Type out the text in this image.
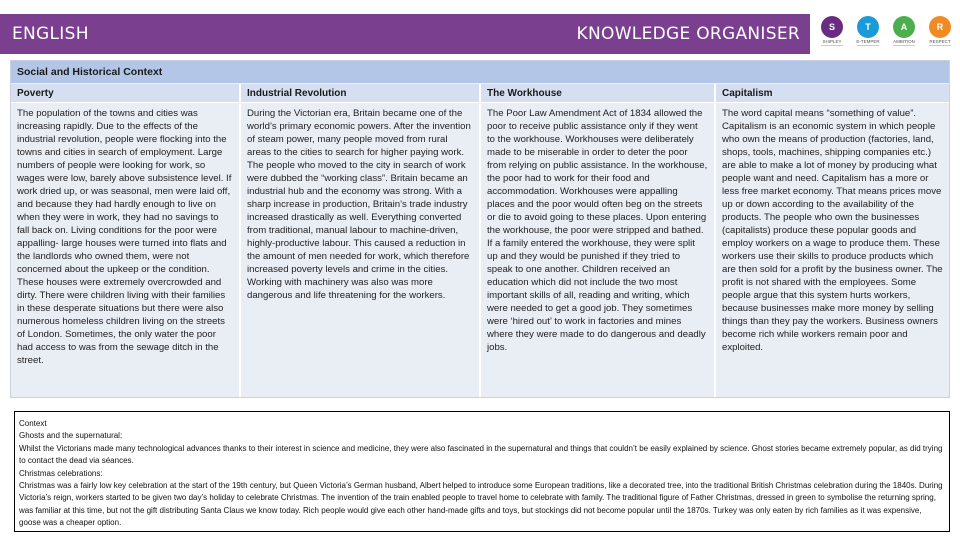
ENGLISH	KNOWLEDGE ORGANISER	S
SHIPLEY
T
E-TEMPER
A
AMBITION
R
RESPECT
Social and Historical Context
Poverty
The population of the towns and cities was increasing rapidly. Due to the effects of the industrial revolution, people were flocking into the towns and cities in search of employment. Large numbers of people were looking for work, so wages were low, barely above subsistence level. If work dried up, or was seasonal, men were laid off, and because they had hardly enough to live on when they were in work, they had no savings to fall back on. Living conditions for the poor were appalling- large houses were turned into flats and the landlords who owned them, were not concerned about the upkeep or the condition. These houses were extremely overcrowded and dirty. There were children living with their families in these desperate situations but there were also numerous homeless children living on the streets of London. Sometimes, the only water the poor had access to was from the sewage ditch in the street.
Industrial Revolution
During the Victorian era, Britain became one of the world’s primary economic powers. After the invention of steam power, many people moved from rural areas to the cities to search for higher paying work. The people who moved to the city in search of work were dubbed the “working class”. Britain became an industrial hub and the economy was strong. With a sharp increase in production, Britain’s trade industry increased drastically as well. Everything converted from traditional, manual labour to machine-driven, highly-productive labour. This caused a reduction in the amount of men needed for work, which therefore increased poverty levels and crime in the cities. Working with machinery was also was more dangerous and life threatening for the workers.
The Workhouse
The Poor Law Amendment Act of 1834 allowed the poor to receive public assistance only if they went to the workhouse. Workhouses were deliberately made to be miserable in order to deter the poor from relying on public assistance. In the workhouse, the poor had to work for their food and accommodation. Workhouses were appalling places and the poor would often beg on the streets or die to avoid going to these places. Upon entering the workhouse, the poor were stripped and bathed. If a family entered the workhouse, they were split up and they would be punished if they tried to speak to one another. Children received an education which did not include the two most important skills of all, reading and writing, which were needed to get a good job. They sometimes were ‘hired out’ to work in factories and mines where they were made to do dangerous and deadly jobs.
Capitalism
The word capital means “something of value”. Capitalism is an economic system in which people who own the means of production (factories, land, shops, tools, machines, shipping companies etc.) are able to make a lot of money by producing what people want and need. Capitalism has a more or less free market economy. That means prices move up or down according to the availability of the products. The people who own the businesses (capitalists) produce these popular goods and employ workers on a wage to produce them. These workers use their skills to produce products which are then sold for a profit by the business owner. The profit is not shared with the employees. Some people argue that this system hurts workers, because businesses make more money by selling things than they pay the workers. Business owners become rich while workers remain poor and exploited.

Context

Ghosts and the supernatural:

Whilst the Victorians made many technological advances thanks to their interest in science and medicine, they were also fascinated in the supernatural and things that couldn’t be easily explained by science. Ghost stories became extremely popular, as did trying to contact the dead via séances.

Christmas celebrations:

Christmas was a fairly low key celebration at the start of the 19th century, but Queen Victoria’s German husband, Albert helped to introduce some European traditions, like a decorated tree, into the traditional British Christmas celebration during the 1840s. During Victoria’s reign, workers started to be given two day’s holiday to celebrate Christmas. The invention of the train enabled people to travel home to celebrate with family. The traditional figure of Father Christmas, dressed in green to symbolise the returning spring, was familiar at this time, but not the gift distributing Santa Claus we know today. Rich people would give each other hand-made gifts and toys, but stockings did not become popular until the 1870s. Turkey was only eaten by rich families as it was expensive, goose was a cheaper option.
